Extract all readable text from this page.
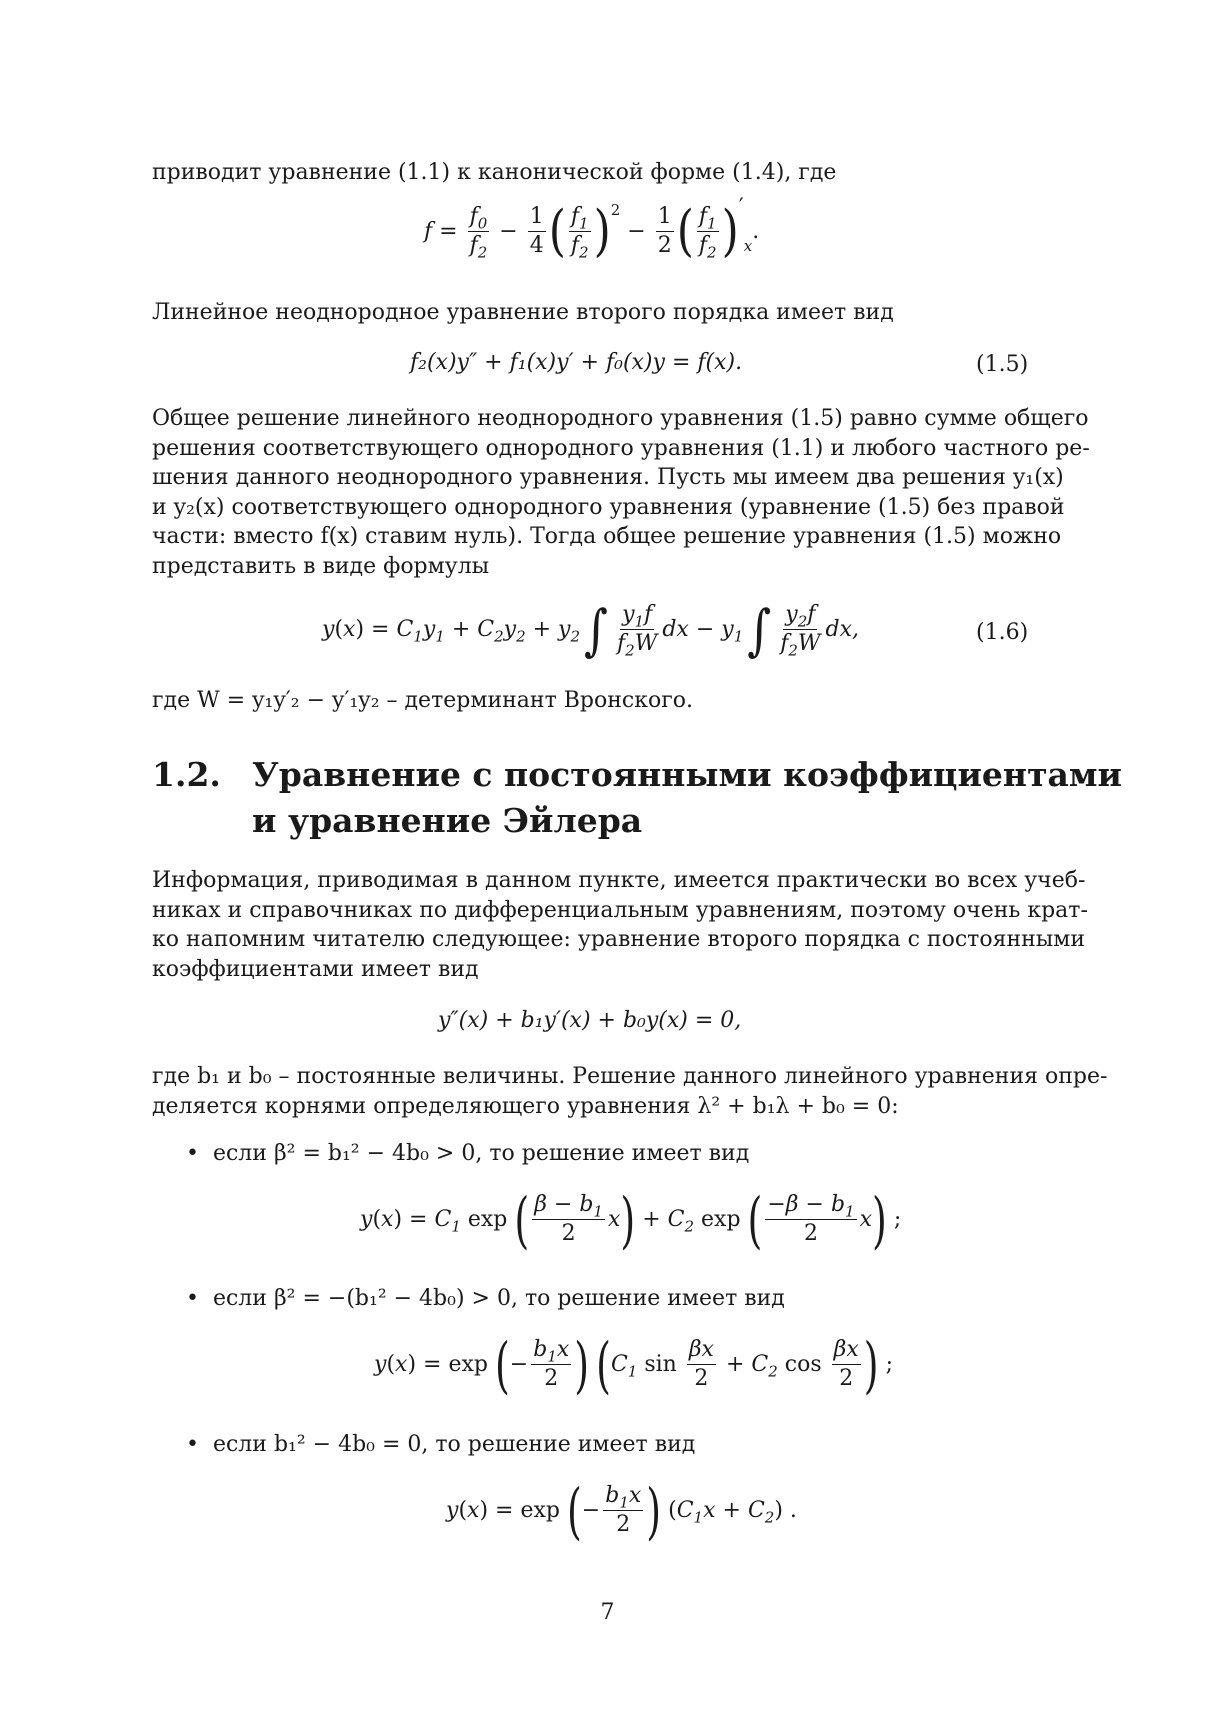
приводит уравнение (1.1) к канонической форме (1.4), где
$f = \frac{f_0}{f_2} - \frac{1}{4}$ ( $\frac{f_1}{f_2} )^2$
− $\frac{1}{2}$ ( $\frac{f_1}{f_2}$ ) ′
$_x$
.
Линейное неоднородное уравнение второго порядка имеет вид
f₂(x)y″ + f₁(x)y′ + f₀(x)y = f(x).	(1.5)
Общее решение линейного неоднородного уравнения (1.5) равно сумме общего
решения соответствующего однородного уравнения (1.1) и любого частного ре-
шения данного неоднородного уравнения. Пусть мы имеем два решения y₁(x)
и y₂(x) соответствующего однородного уравнения (уравнение (1.5) без правой
части: вместо f(x) ставим нуль). Тогда общее решение уравнения (1.5) можно
представить в виде формулы
y ( x ) = $C_1y_1 + C_2y_2 + y_2$ ∫ $\frac{y_1f}{f_2W}$ dx − $y_1$ ∫ $\frac{y_2f}{f_2W}$ dx,	(1.6)
где W = y₁y′₂ − y′₁y₂ – детерминант Вронского.
1.2. Уравнение с постоянными коэффициентами
и уравнение Эйлера
Информация, приводимая в данном пункте, имеется практически во всех учеб-
никах и справочниках по дифференциальным уравнениям, поэтому очень крат-
ко напомним читателю следующее: уравнение второго порядка с постоянными
коэффициентами имеет вид
y″(x) + b₁y′(x) + b₀y(x) = 0,
где b₁ и b₀ – постоянные величины. Решение данного линейного уравнения опре-
деляется корнями определяющего уравнения λ² + b₁λ + b₀ = 0:
•  если β² = b₁² − 4b₀ > 0, то решение имеет вид
y ( x ) = $C_1$ exp ( $\frac{\beta - b_1}{2}$ x ) + $C_2$ exp ( $\frac{-\beta - b_1}{2}$ x ) ;
•  если β² = −(b₁² − 4b₀) > 0, то решение имеет вид
y ( x ) = exp ( − $\frac{b_1x}{2}$ )
( $C_1$ $\sin \frac{\beta x}{2} + C_2$ $\cos \frac{\beta x}{2}$ ) ;
•  если b₁² − 4b₀ = 0, то решение имеет вид
y ( x ) = exp ( − $\frac{b_1x}{2}$ ) ( $C_1x + C_2$ ) .
7
